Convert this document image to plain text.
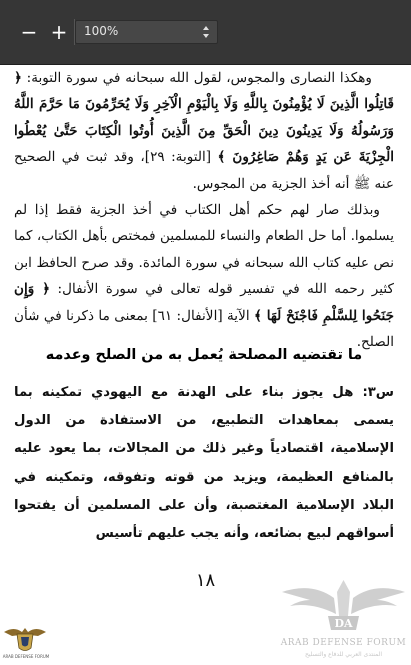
− +	100%

وهكذا النصارى والمجوس، لقول الله سبحانه في سورة التوبة: ﴿ قَاتِلُوا الَّذِينَ لَا يُؤْمِنُونَ بِاللَّهِ وَلَا بِالْيَوْمِ الْآخِرِ وَلَا يُحَرِّمُونَ مَا حَرَّمَ اللَّهُ وَرَسُولُهُ وَلَا يَدِينُونَ دِينَ الْحَقِّ مِنَ الَّذِينَ أُوتُوا الْكِتَابَ حَتَّىٰ يُعْطُوا الْجِزْيَةَ عَن يَدٍ وَهُمْ صَاغِرُونَ ﴾ [التوبة: ٢٩]، وقد ثبت في الصحيح عنه ﷺ أنه أخذ الجزية من المجوس.

وبذلك صار لهم حكم أهل الكتاب في أخذ الجزية فقط إذا لم يسلموا. أما حل الطعام والنساء للمسلمين فمختص بأهل الكتاب، كما نص عليه كتاب الله سبحانه في سورة المائدة. وقد صرح الحافظ ابن كثير رحمه الله في تفسير قوله تعالى في سورة الأنفال: ﴿ وَإِن جَنَحُوا لِلسَّلْمِ فَاجْنَحْ لَهَا ﴾ الآية [الأنفال: ٦١] بمعنى ما ذكرنا في شأن الصلح.

ما تقتضيه المصلحة يُعمل به من الصلح وعدمه
س٣: هل يجوز بناء على الهدنة مع اليهودي تمكينه بما يسمى بمعاهدات التطبيع، من الاستفادة من الدول الإسلامية، اقتصادياً وغير ذلك من المجالات، بما يعود عليه بالمنافع العظيمة، ويزيد من قوته وتفوقه، وتمكينه في البلاد الإسلامية المغتصبة، وأن على المسلمين أن يفتحوا أسواقهم لبيع بضائعه، وأنه يجب عليهم تأسيس
١٨
ARAB DEFENSE FORUM
DA
ARAB DEFENSE FORUM
المنتدى العربي للدفاع والتسليح
